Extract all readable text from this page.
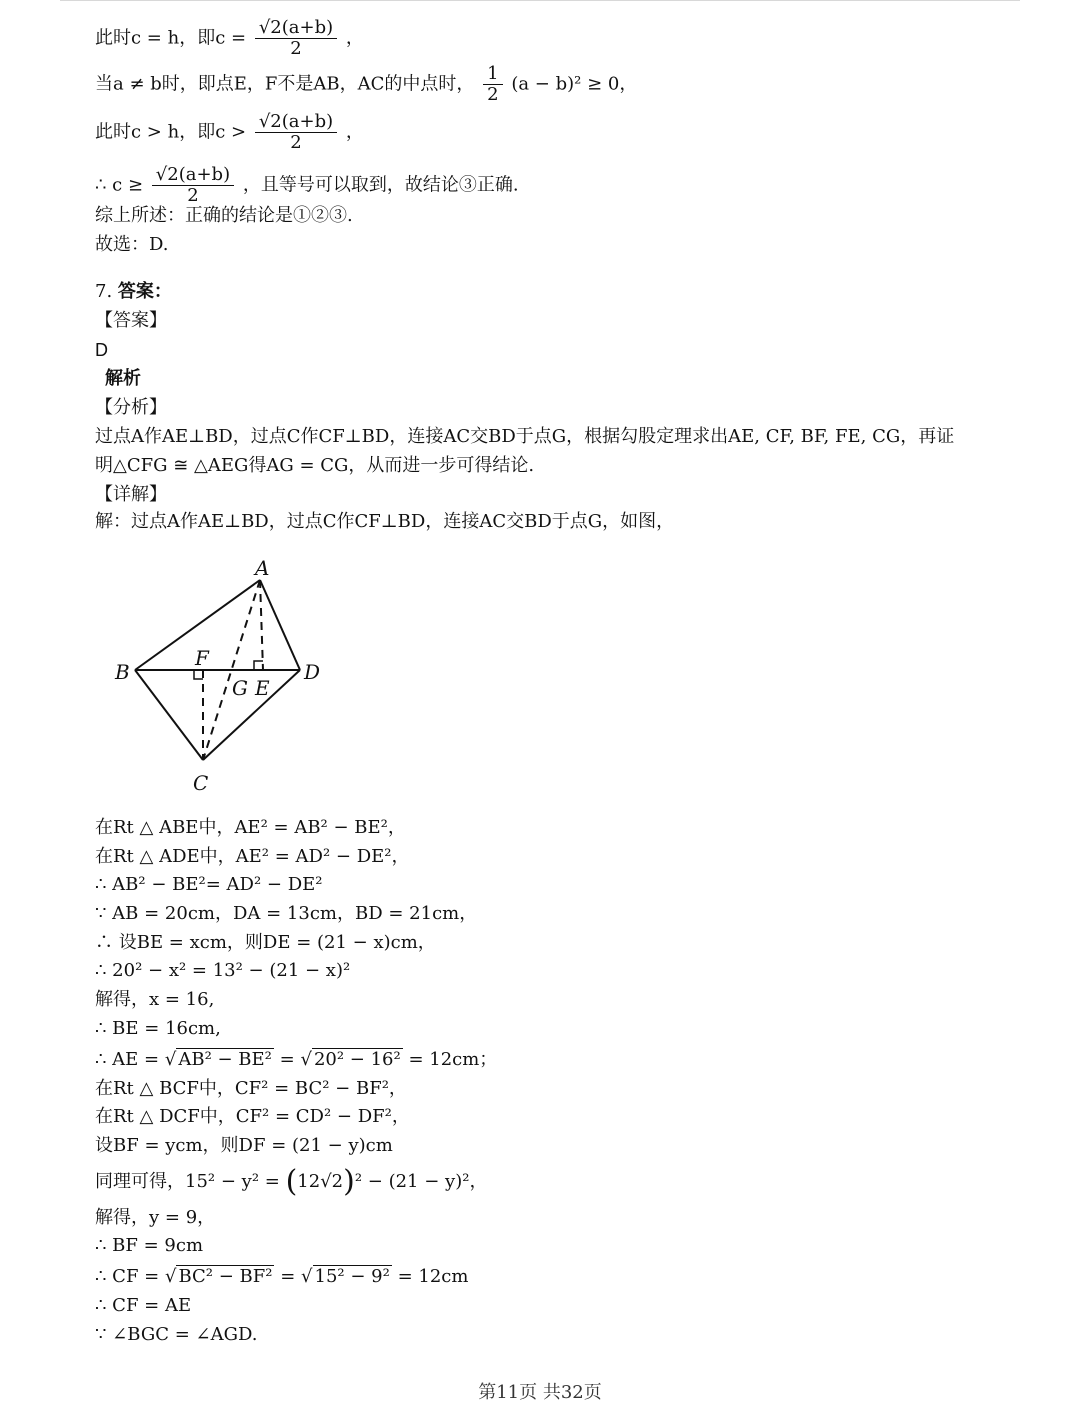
此时c = h，即$c = \frac{√2(a+b)}{2}$ ，
当a ≠ b时，即点E，F不是AB，AC的中点时， $\frac{1}{2} (a - b)^2 \ge 0$，
此时c > h，即$c > \frac{√2(a+b)}{2}$ ，
∴ $c \ge \frac{√2(a+b)}{2}$ ，且等号可以取到，故结论③正确.
综上所述：正确的结论是①②③.
故选：D.
7. 答案：
【答案】
D
解析
【分析】
过点A作AE⊥BD，过点C作CF⊥BD，连接AC交BD于点G，根据勾股定理求出AE, CF, BF, FE, CG，再证
明△CFG ≅ △AEG得AG = CG，从而进一步可得结论.
【详解】
解：过点A作AE⊥BD，过点C作CF⊥BD，连接AC交BD于点G，如图，
A
B
C
D
E
F
G
在Rt △ ABE中，AE² = AB² − BE²，
在Rt △ ADE中，AE² = AD² − DE²，
∴ AB² − BE²= AD² − DE²
∵ AB = 20cm，DA = 13cm，BD = 21cm，
∴ 设BE = xcm，则DE = (21 − x)cm，
∴ 20² − x² = 13² − (21 − x)²
解得，x = 16,
∴ BE = 16cm,
∴ AE = √ AB² − BE² = √ 20² − 16² = 12cm；
在Rt △ BCF中，CF² = BC² − BF²，
在Rt △ DCF中，CF² = CD² − DF²，
设BF = ycm，则DF = (21 − y)cm
同理可得，15² − y² = (12√2)² − (21 − y)²，
解得，y = 9，
∴ BF = 9cm
∴ CF = √ BC² − BF² = √ 15² − 9² = 12cm
∴ CF = AE
∵ ∠BGC = ∠AGD.
第11页 共32页
